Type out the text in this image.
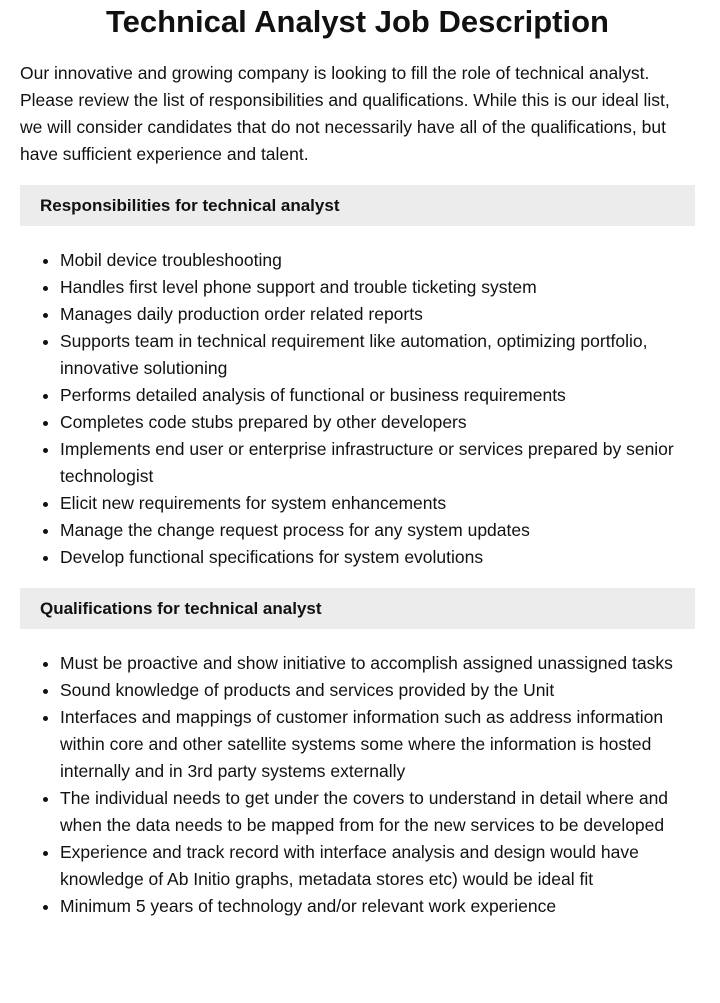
Technical Analyst Job Description

Our innovative and growing company is looking to fill the role of technical analyst. Please review the list of responsibilities and qualifications. While this is our ideal list, we will consider candidates that do not necessarily have all of the qualifications, but have sufficient experience and talent.

Responsibilities for technical analyst
• Mobil device troubleshooting
• Handles first level phone support and trouble ticketing system
• Manages daily production order related reports
• Supports team in technical requirement like automation, optimizing portfolio, innovative solutioning
• Performs detailed analysis of functional or business requirements
• Completes code stubs prepared by other developers
• Implements end user or enterprise infrastructure or services prepared by senior technologist
• Elicit new requirements for system enhancements
• Manage the change request process for any system updates
• Develop functional specifications for system evolutions
Qualifications for technical analyst
• Must be proactive and show initiative to accomplish assigned unassigned tasks
• Sound knowledge of products and services provided by the Unit
• Interfaces and mappings of customer information such as address information within core and other satellite systems some where the information is hosted internally and in 3rd party systems externally
• The individual needs to get under the covers to understand in detail where and when the data needs to be mapped from for the new services to be developed
• Experience and track record with interface analysis and design would have knowledge of Ab Initio graphs, metadata stores etc) would be ideal fit
• Minimum 5 years of technology and/or relevant work experience
